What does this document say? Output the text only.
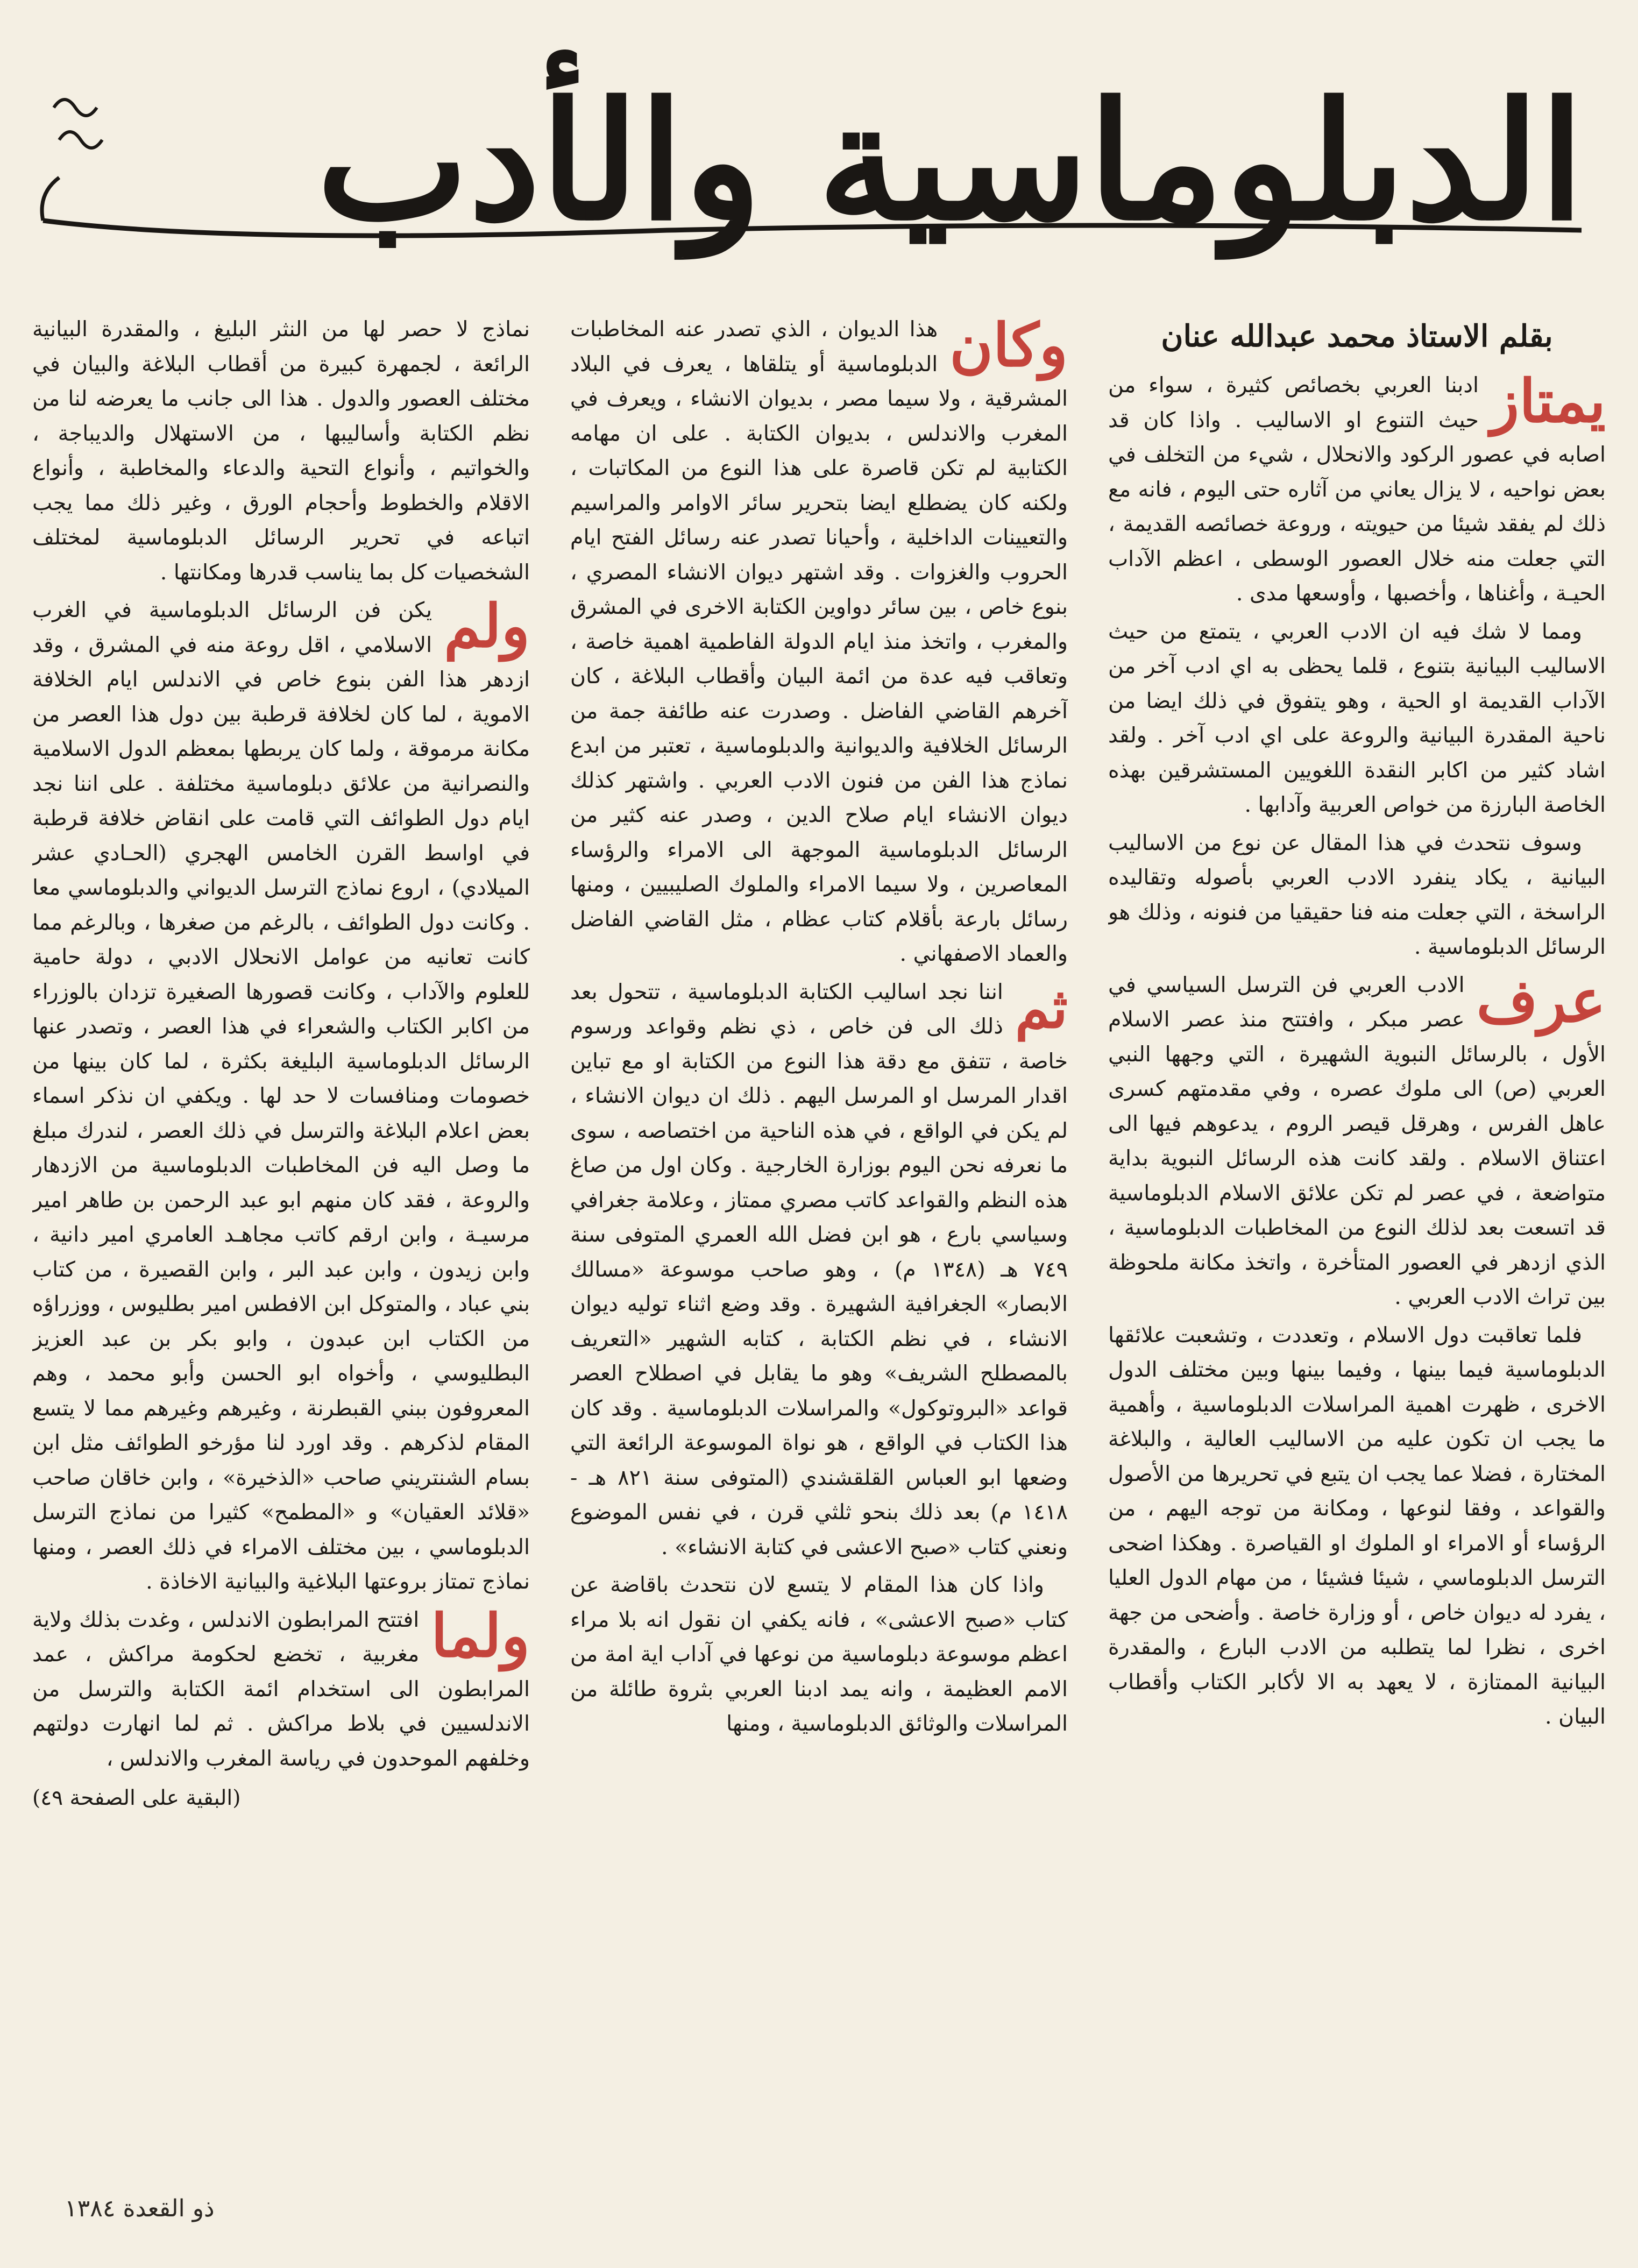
الدبلوماسية والأدب
بقلم الاستاذ محمد عبدالله عنان

يمتاز
ادبنا العربي بخصائص كثيرة ، سواء من حيث التنوع او الاساليب . واذا كان قد اصابه في عصور الركود والانحلال ، شيء من التخلف في بعض نواحيه ، لا يزال يعاني من آثاره حتى اليوم ، فانه مع ذلك لم يفقد شيئا من حيويته ، وروعة خصائصه القديمة ، التي جعلت منه خلال العصور الوسطى ، اعظم الآداب الحيـة ، وأغناها ، وأخصبها ، وأوسعها مدى .

ومما لا شك فيه ان الادب العربي ، يتمتع من حيث الاساليب البيانية بتنوع ، قلما يحظى به اي ادب آخر من الآداب القديمة او الحية ، وهو يتفوق في ذلك ايضا من ناحية المقدرة البيانية والروعة على اي ادب آخر . ولقد اشاد كثير من اكابر النقدة اللغويين المستشرقين بهذه الخاصة البارزة من خواص العربية وآدابها .

وسوف نتحدث في هذا المقال عن نوع من الاساليب البيانية ، يكاد ينفرد الادب العربي بأصوله وتقاليده الراسخة ، التي جعلت منه فنا حقيقيا من فنونه ، وذلك هو الرسائل الدبلوماسية .

عرف
الادب العربي فن الترسل السياسي في عصر مبكر ، وافتتح منذ عصر الاسلام الأول ، بالرسائل النبوية الشهيرة ، التي وجهها النبي العربي (ص) الى ملوك عصره ، وفي مقدمتهم كسرى عاهل الفرس ، وهرقل قيصر الروم ، يدعوهم فيها الى اعتناق الاسلام . ولقد كانت هذه الرسائل النبوية بداية متواضعة ، في عصر لم تكن علائق الاسلام الدبلوماسية قد اتسعت بعد لذلك النوع من المخاطبات الدبلوماسية ، الذي ازدهر في العصور المتأخرة ، واتخذ مكانة ملحوظة بين تراث الادب العربي .

فلما تعاقبت دول الاسلام ، وتعددت ، وتشعبت علائقها الدبلوماسية فيما بينها ، وفيما بينها وبين مختلف الدول الاخرى ، ظهرت اهمية المراسلات الدبلوماسية ، وأهمية ما يجب ان تكون عليه من الاساليب العالية ، والبلاغة المختارة ، فضلا عما يجب ان يتبع في تحريرها من الأصول والقواعد ، وفقا لنوعها ، ومكانة من توجه اليهم ، من الرؤساء أو الامراء او الملوك او القياصرة . وهكذا اضحى الترسل الدبلوماسي ، شيئا فشيئا ، من مهام الدول العليا ، يفرد له ديوان خاص ، أو وزارة خاصة . وأضحى من جهة اخرى ، نظرا لما يتطلبه من الادب البارع ، والمقدرة البيانية الممتازة ، لا يعهد به الا لأكابر الكتاب وأقطاب البيان .

وكان
هذا الديوان ، الذي تصدر عنه المخاطبات الدبلوماسية أو يتلقاها ، يعرف في البلاد المشرقية ، ولا سيما مصر ، بديوان الانشاء ، ويعرف في المغرب والاندلس ، بديوان الكتابة . على ان مهامه الكتابية لم تكن قاصرة على هذا النوع من المكاتبات ، ولكنه كان يضطلع ايضا بتحرير سائر الاوامر والمراسيم والتعيينات الداخلية ، وأحيانا تصدر عنه رسائل الفتح ايام الحروب والغزوات . وقد اشتهر ديوان الانشاء المصري ، بنوع خاص ، بين سائر دواوين الكتابة الاخرى في المشرق والمغرب ، واتخذ منذ ايام الدولة الفاطمية اهمية خاصة ، وتعاقب فيه عدة من ائمة البيان وأقطاب البلاغة ، كان آخرهم القاضي الفاضل . وصدرت عنه طائفة جمة من الرسائل الخلافية والديوانية والدبلوماسية ، تعتبر من ابدع نماذج هذا الفن من فنون الادب العربي . واشتهر كذلك ديوان الانشاء ايام صلاح الدين ، وصدر عنه كثير من الرسائل الدبلوماسية الموجهة الى الامراء والرؤساء المعاصرين ، ولا سيما الامراء والملوك الصليبيين ، ومنها رسائل بارعة بأقلام كتاب عظام ، مثل القاضي الفاضل والعماد الاصفهاني .

ثم
اننا نجد اساليب الكتابة الدبلوماسية ، تتحول بعد ذلك الى فن خاص ، ذي نظم وقواعد ورسوم خاصة ، تتفق مع دقة هذا النوع من الكتابة او مع تباين اقدار المرسل او المرسل اليهم . ذلك ان ديوان الانشاء ، لم يكن في الواقع ، في هذه الناحية من اختصاصه ، سوى ما نعرفه نحن اليوم بوزارة الخارجية . وكان اول من صاغ هذه النظم والقواعد كاتب مصري ممتاز ، وعلامة جغرافي وسياسي بارع ، هو ابن فضل الله العمري المتوفى سنة ٧٤٩ هـ (١٣٤٨ م) ، وهو صاحب موسوعة «مسالك الابصار» الجغرافية الشهيرة . وقد وضع اثناء توليه ديوان الانشاء ، في نظم الكتابة ، كتابه الشهير «التعريف بالمصطلح الشريف» وهو ما يقابل في اصطلاح العصر قواعد «البروتوكول» والمراسلات الدبلوماسية . وقد كان هذا الكتاب في الواقع ، هو نواة الموسوعة الرائعة التي وضعها ابو العباس القلقشندي (المتوفى سنة ٨٢١ هـ - ١٤١٨ م) بعد ذلك بنحو ثلثي قرن ، في نفس الموضوع ونعني كتاب «صبح الاعشى في كتابة الانشاء» .

واذا كان هذا المقام لا يتسع لان نتحدث باقاضة عن كتاب «صبح الاعشى» ، فانه يكفي ان نقول انه بلا مراء اعظم موسوعة دبلوماسية من نوعها في آداب اية امة من الامم العظيمة ، وانه يمد ادبنا العربي بثروة طائلة من المراسلات والوثائق الدبلوماسية ، ومنها

نماذج لا حصر لها من النثر البليغ ، والمقدرة البيانية الرائعة ، لجمهرة كبيرة من أقطاب البلاغة والبيان في مختلف العصور والدول . هذا الى جانب ما يعرضه لنا من نظم الكتابة وأساليبها ، من الاستهلال والديباجة ، والخواتيم ، وأنواع التحية والدعاء والمخاطبة ، وأنواع الاقلام والخطوط وأحجام الورق ، وغير ذلك مما يجب اتباعه في تحرير الرسائل الدبلوماسية لمختلف الشخصيات كل بما يناسب قدرها ومكانتها .

ولم
يكن فن الرسائل الدبلوماسية في الغرب الاسلامي ، اقل روعة منه في المشرق ، وقد ازدهر هذا الفن بنوع خاص في الاندلس ايام الخلافة الاموية ، لما كان لخلافة قرطبة بين دول هذا العصر من مكانة مرموقة ، ولما كان يربطها بمعظم الدول الاسلامية والنصرانية من علائق دبلوماسية مختلفة . على اننا نجد ايام دول الطوائف التي قامت على انقاض خلافة قرطبة في اواسط القرن الخامس الهجري (الحـادي عشر الميلادي) ، اروع نماذج الترسل الديواني والدبلوماسي معا . وكانت دول الطوائف ، بالرغم من صغرها ، وبالرغم مما كانت تعانيه من عوامل الانحلال الادبي ، دولة حامية للعلوم والآداب ، وكانت قصورها الصغيرة تزدان بالوزراء من اكابر الكتاب والشعراء في هذا العصر ، وتصدر عنها الرسائل الدبلوماسية البليغة بكثرة ، لما كان بينها من خصومات ومنافسات لا حد لها . ويكفي ان نذكر اسماء بعض اعلام البلاغة والترسل في ذلك العصر ، لندرك مبلغ ما وصل اليه فن المخاطبات الدبلوماسية من الازدهار والروعة ، فقد كان منهم ابو عبد الرحمن بن طاهر امير مرسيـة ، وابن ارقم كاتب مجاهـد العامري امير دانية ، وابن زيدون ، وابن عبد البر ، وابن القصيرة ، من كتاب بني عباد ، والمتوكل ابن الافطس امير بطليوس ، ووزراؤه من الكتاب ابن عبدون ، وابو بكر بن عبد العزيز البطليوسي ، وأخواه ابو الحسن وأبو محمد ، وهم المعروفون ببني القبطرنة ، وغيرهم وغيرهم مما لا يتسع المقام لذكرهم . وقد اورد لنا مؤرخو الطوائف مثل ابن بسام الشنتريني صاحب «الذخيرة» ، وابن خاقان صاحب «قلائد العقيان» و «المطمح» كثيرا من نماذج الترسل الدبلوماسي ، بين مختلف الامراء في ذلك العصر ، ومنها نماذج تمتاز بروعتها البلاغية والبيانية الاخاذة .

ولما
افتتح المرابطون الاندلس ، وغدت بذلك ولاية مغربية ، تخضع لحكومة مراكش ، عمد المرابطون الى استخدام ائمة الكتابة والترسل من الاندلسيين في بلاط مراكش . ثم لما انهارت دولتهم وخلفهم الموحدون في رياسة المغرب والاندلس ،

(البقية على الصفحة ٤٩)
ذو القعدة ١٣٨٤
